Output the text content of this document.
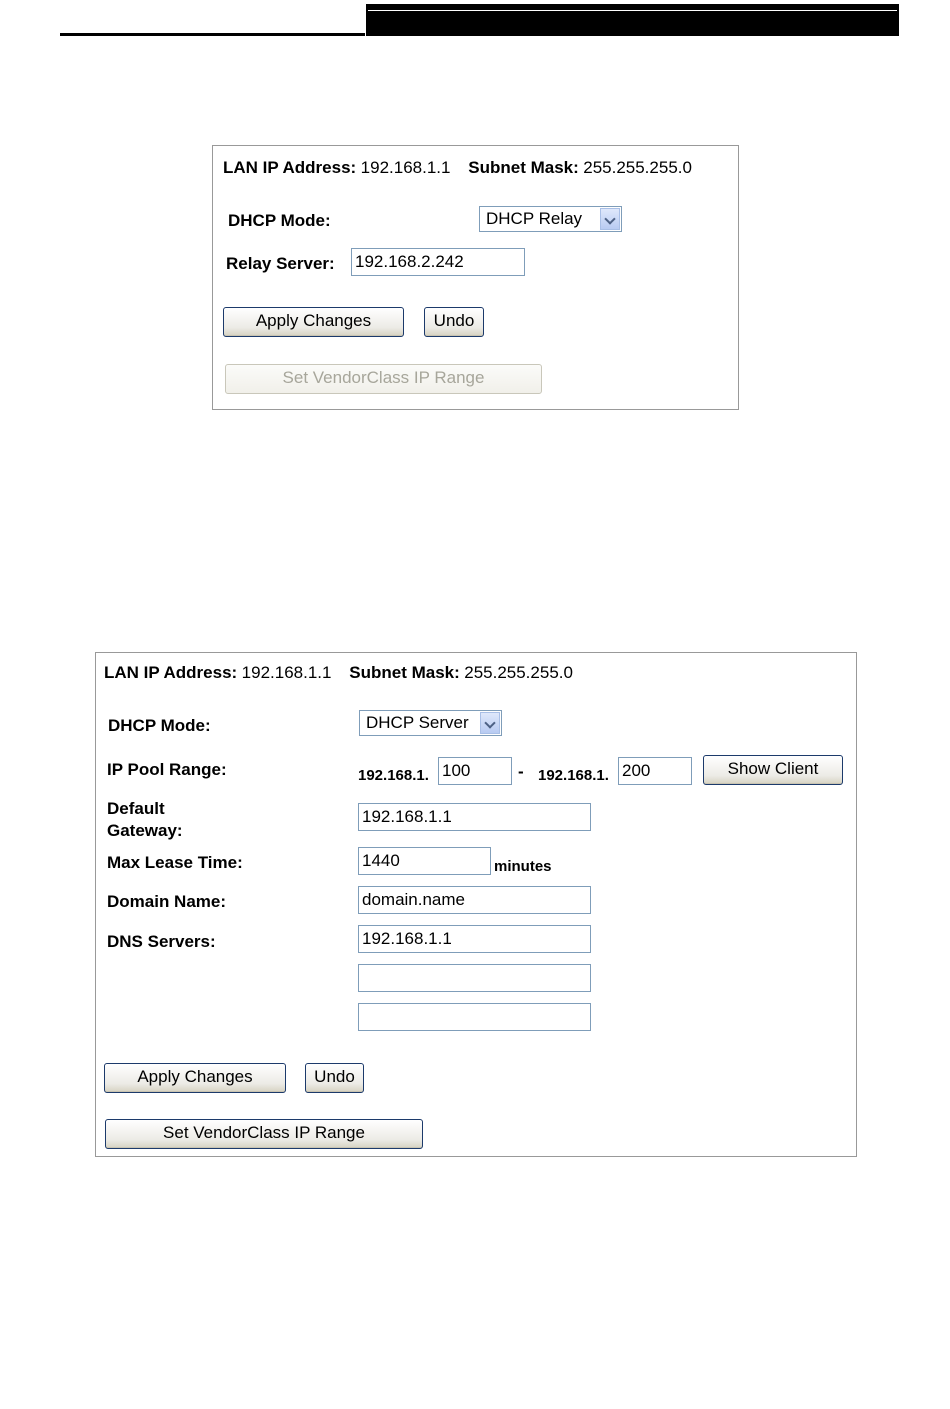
LAN IP Address: 192.168.1.1 Subnet Mask: 255.255.255.0
DHCP Mode:	DHCP Relay
Relay Server: 192.168.2.242
Apply Changes	Undo
Set VendorClass IP Range
LAN IP Address: 192.168.1.1 Subnet Mask: 255.255.255.0
DHCP Mode:	DHCP Server
IP Pool Range:	192.168.1. 100	- 192.168.1. 200	Show Client
Default
Gateway:
192.168.1.1
Max Lease Time:	1440	minutes
Domain Name:	domain.name
DNS Servers:	192.168.1.1
Apply Changes	Undo
Set VendorClass IP Range
